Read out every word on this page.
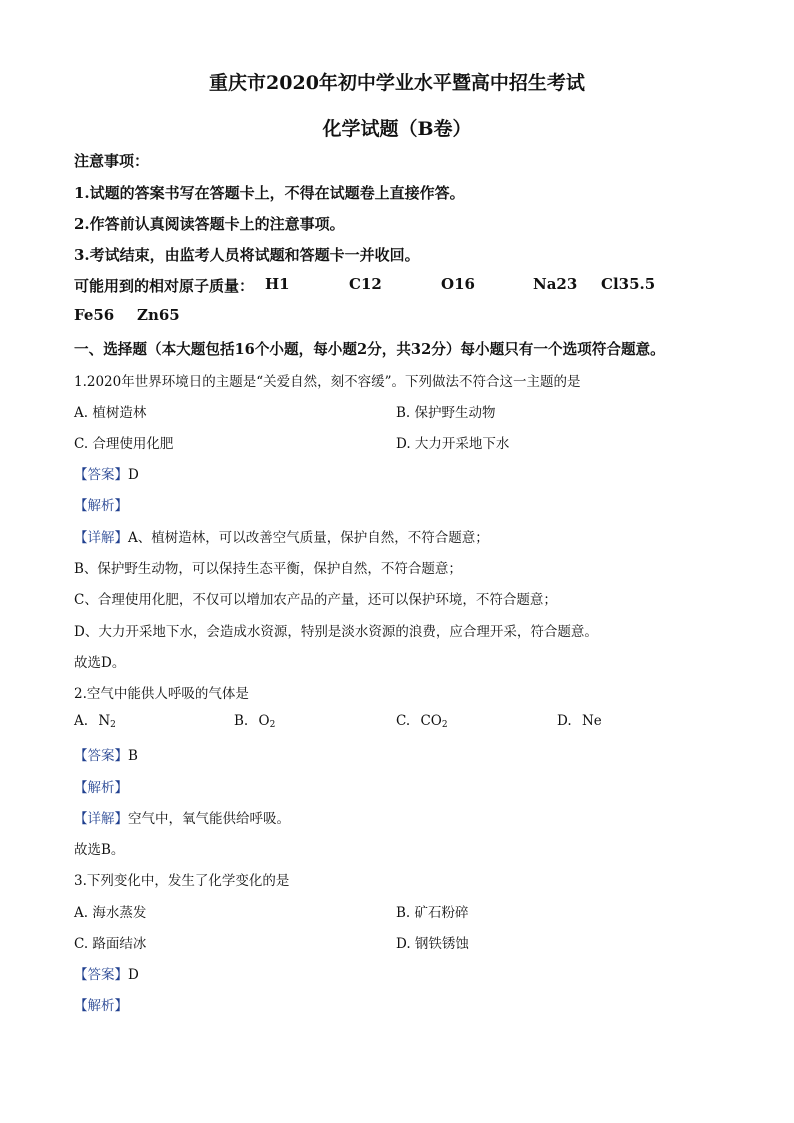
重庆市2020年初中学业水平暨高中招生考试
化学试题（B卷）
注意事项：
1.试题的答案书写在答题卡上，不得在试题卷上直接作答。
2.作答前认真阅读答题卡上的注意事项。
3.考试结束，由监考人员将试题和答题卡一并收回。
可能用到的相对原子质量： H1	C12	O16	Na23 Cl35.5
Fe56 Zn65
一、选择题（本大题包括16个小题，每小题2分，共32分）每小题只有一个选项符合题意。
1.2020年世界环境日的主题是“关爱自然，刻不容缓”。下列做法不符合这一主题的是
A. 植树造林	B. 保护野生动物
C. 合理使用化肥	D. 大力开采地下水
【答案】D
【解析】
【详解】A、植树造林，可以改善空气质量，保护自然，不符合题意；
B、保护野生动物，可以保持生态平衡，保护自然，不符合题意；
C、合理使用化肥，不仅可以增加农产品的产量，还可以保护环境，不符合题意；
D、大力开采地下水，会造成水资源，特别是淡水资源的浪费，应合理开采，符合题意。
故选D。
2.空气中能供人呼吸的气体是
A. $N_2$	B. $O_2$	C. $CO_2$	D. Ne
【答案】B
【解析】
【详解】空气中，氧气能供给呼吸。
故选B。
3.下列变化中，发生了化学变化的是
A. 海水蒸发	B. 矿石粉碎
C. 路面结冰	D. 钢铁锈蚀
【答案】D
【解析】
